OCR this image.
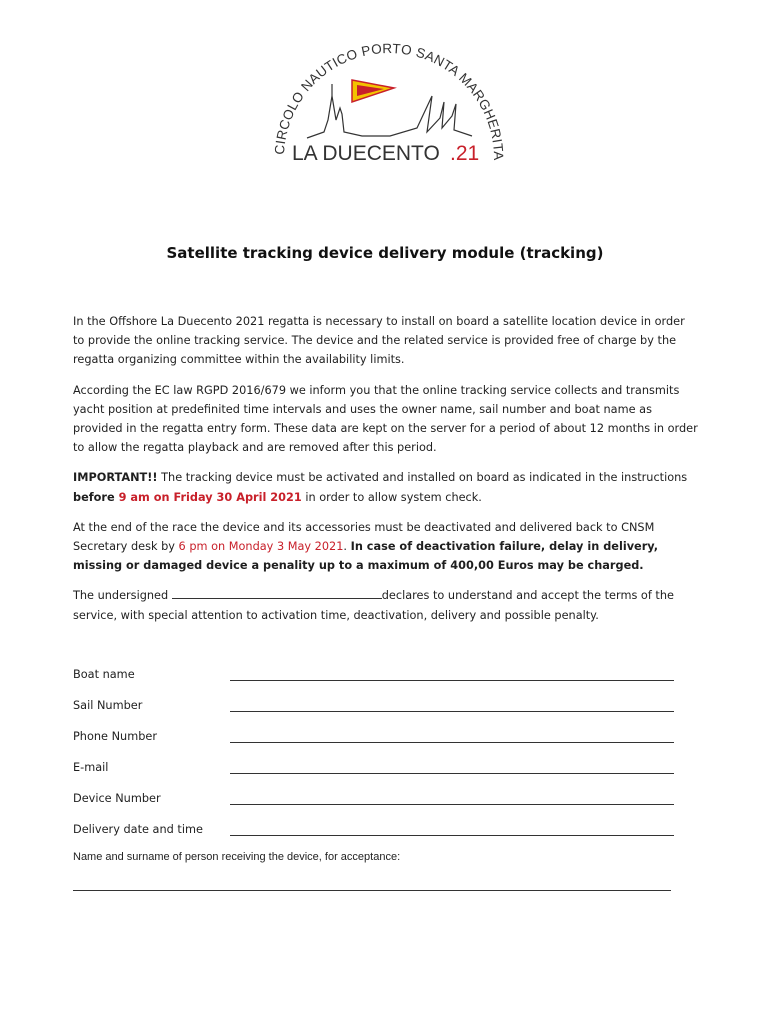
CIRCOLO NAUTICO PORTO SANTA MARGHERITA
LA DUECENTO .21
Satellite tracking device delivery module (tracking)

In the Offshore La Duecento 2021 regatta is necessary to install on board a satellite location device in order to provide the online tracking service. The device and the related service is provided free of charge by the regatta organizing committee within the availability limits.

According the EC law RGPD 2016/679 we inform you that the online tracking service collects and transmits yacht position at predefinited time intervals and uses the owner name, sail number and boat name as provided in the regatta entry form. These data are kept on the server for a period of about 12 months in order to allow the regatta playback and are removed after this period.

IMPORTANT!! The tracking device must be activated and installed on board as indicated in the instructions before 9 am on Friday 30 April 2021 in order to allow system check.

At the end of the race the device and its accessories must be deactivated and delivered back to CNSM Secretary desk by 6 pm on Monday 3 May 2021. In case of deactivation failure, delay in delivery, missing or damaged device a penality up to a maximum of 400,00 Euros may be charged.

The undersigned	declares to understand and accept the terms of the service, with special attention to activation time, deactivation, delivery and possible penalty.

Boat name
Sail Number
Phone Number
E-mail
Device Number
Delivery date and time
Name and surname of person receiving the device, for acceptance:
